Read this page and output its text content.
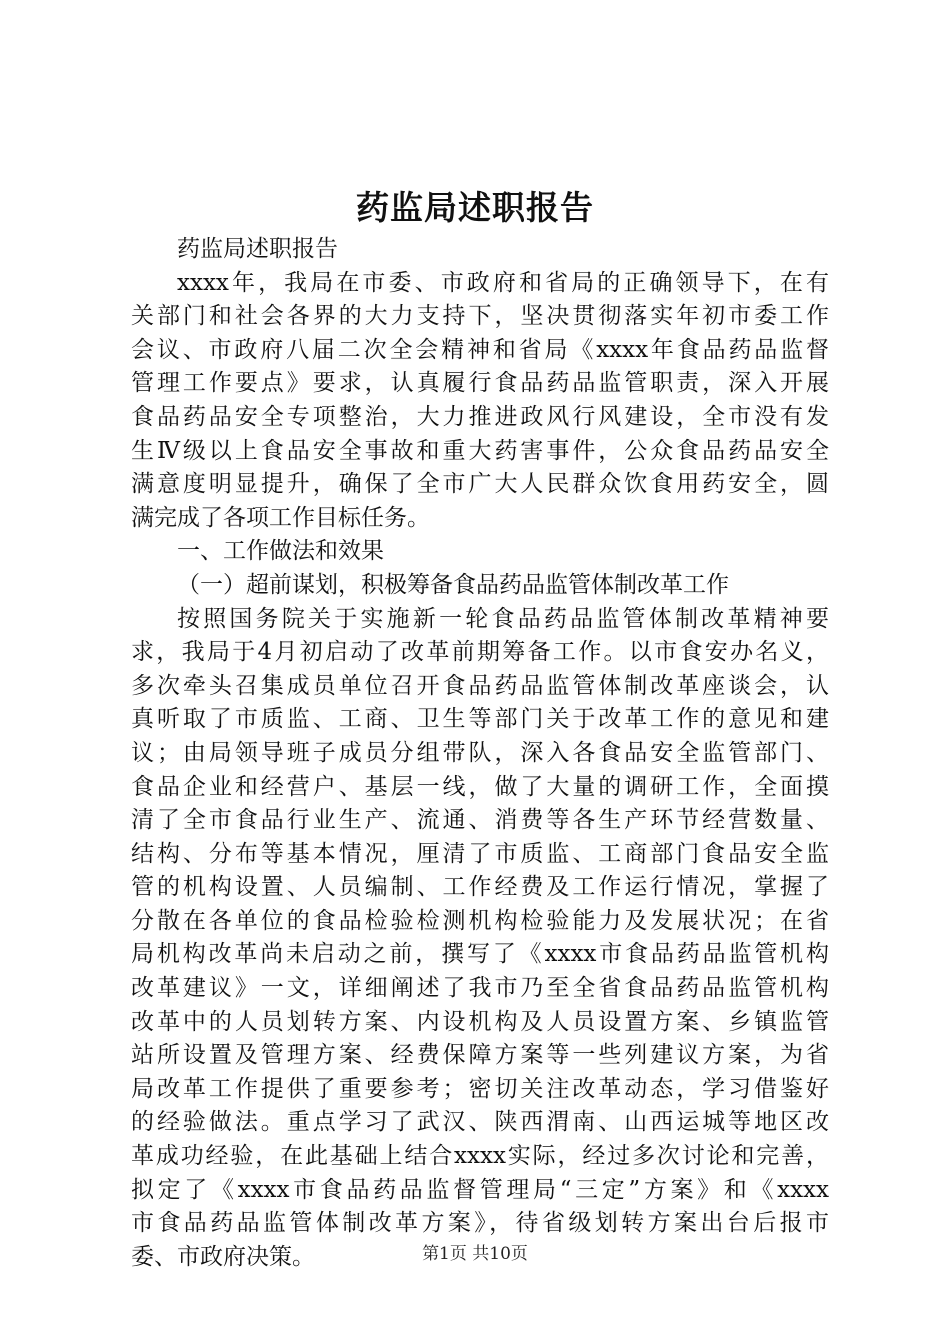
药监局述职报告
药监局述职报告
xxxx年，我局在市委、市政府和省局的正确领导下，在有
关部门和社会各界的大力支持下，坚决贯彻落实年初市委工作
会议、市政府八届二次全会精神和省局《xxxx年食品药品监督
管理工作要点》要求，认真履行食品药品监管职责，深入开展
食品药品安全专项整治，大力推进政风行风建设，全市没有发
生Ⅳ级以上食品安全事故和重大药害事件，公众食品药品安全
满意度明显提升，确保了全市广大人民群众饮食用药安全，圆
满完成了各项工作目标任务。
一、工作做法和效果
（一）超前谋划，积极筹备食品药品监管体制改革工作
按照国务院关于实施新一轮食品药品监管体制改革精神要
求，我局于4月初启动了改革前期筹备工作。以市食安办名义，
多次牵头召集成员单位召开食品药品监管体制改革座谈会，认
真听取了市质监、工商、卫生等部门关于改革工作的意见和建
议；由局领导班子成员分组带队，深入各食品安全监管部门、
食品企业和经营户、基层一线，做了大量的调研工作，全面摸
清了全市食品行业生产、流通、消费等各生产环节经营数量、
结构、分布等基本情况，厘清了市质监、工商部门食品安全监
管的机构设置、人员编制、工作经费及工作运行情况，掌握了
分散在各单位的食品检验检测机构检验能力及发展状况；在省
局机构改革尚未启动之前，撰写了《xxxx市食品药品监管机构
改革建议》一文，详细阐述了我市乃至全省食品药品监管机构
改革中的人员划转方案、内设机构及人员设置方案、乡镇监管
站所设置及管理方案、经费保障方案等一些列建议方案，为省
局改革工作提供了重要参考；密切关注改革动态，学习借鉴好
的经验做法。重点学习了武汉、陕西渭南、山西运城等地区改
革成功经验，在此基础上结合xxxx实际，经过多次讨论和完善，
拟定了《xxxx市食品药品监督管理局“三定”方案》和《xxxx
市食品药品监管体制改革方案》，待省级划转方案出台后报市
委、市政府决策。	第1页 共10页
